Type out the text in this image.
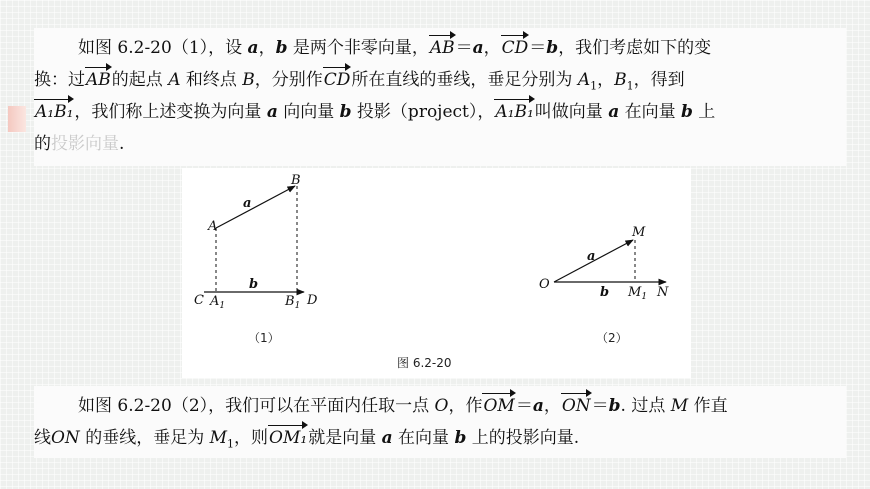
如图 6.2-20（1），设 a，b 是两个非零向量，AB＝a，CD＝b，我们考虑如下的变
换：过AB的起点 A 和终点 B，分别作CD所在直线的垂线，垂足分别为 $A_1$，$B_1$，得到
A₁B₁，我们称上述变换为向量 a 向向量 b 投影（project），A₁B₁叫做向量 a 在向量 b 上
的投影向量.
A
B
a
b
C $A_1$	$B_1$ D
（1）
O
M
a
b $M_1$ N
（2）
图 6.2-20
如图 6.2-20（2），我们可以在平面内任取一点 O，作OM＝a，ON＝b. 过点 M 作直
线ON 的垂线，垂足为 $M_1$，则OM₁就是向量 a 在向量 b 上的投影向量.
